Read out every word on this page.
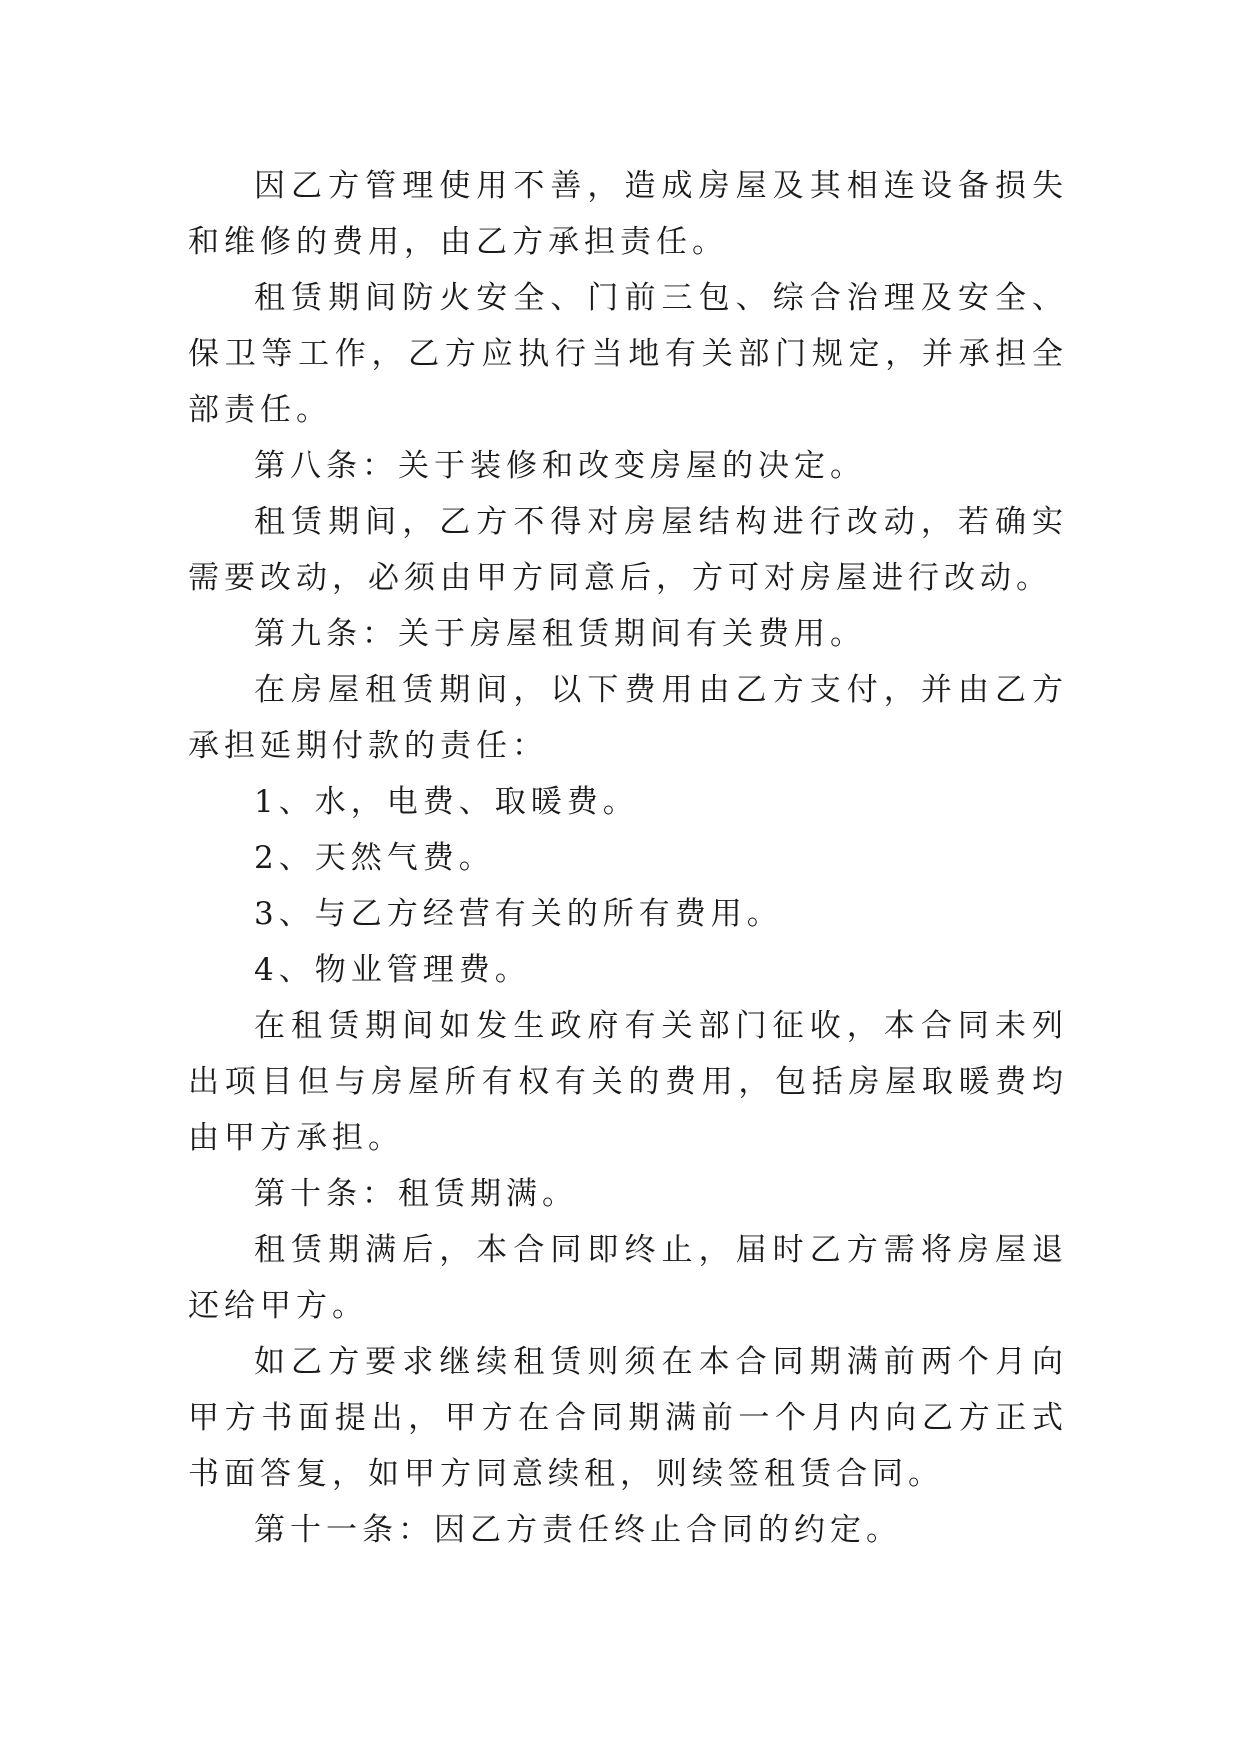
因乙方管理使用不善，造成房屋及其相连设备损失和维修的费用，由乙方承担责任。

租赁期间防火安全、门前三包、综合治理及安全、保卫等工作，乙方应执行当地有关部门规定，并承担全部责任。

第八条：关于装修和改变房屋的决定。

租赁期间，乙方不得对房屋结构进行改动，若确实需要改动，必须由甲方同意后，方可对房屋进行改动。

第九条：关于房屋租赁期间有关费用。

在房屋租赁期间，以下费用由乙方支付，并由乙方承担延期付款的责任：

1、水，电费、取暖费。

2、天然气费。

3、与乙方经营有关的所有费用。

4、物业管理费。

在租赁期间如发生政府有关部门征收，本合同未列出项目但与房屋所有权有关的费用，包括房屋取暖费均由甲方承担。

第十条：租赁期满。

租赁期满后，本合同即终止，届时乙方需将房屋退还给甲方。

如乙方要求继续租赁则须在本合同期满前两个月向甲方书面提出，甲方在合同期满前一个月内向乙方正式书面答复，如甲方同意续租，则续签租赁合同。

第十一条：因乙方责任终止合同的约定。
